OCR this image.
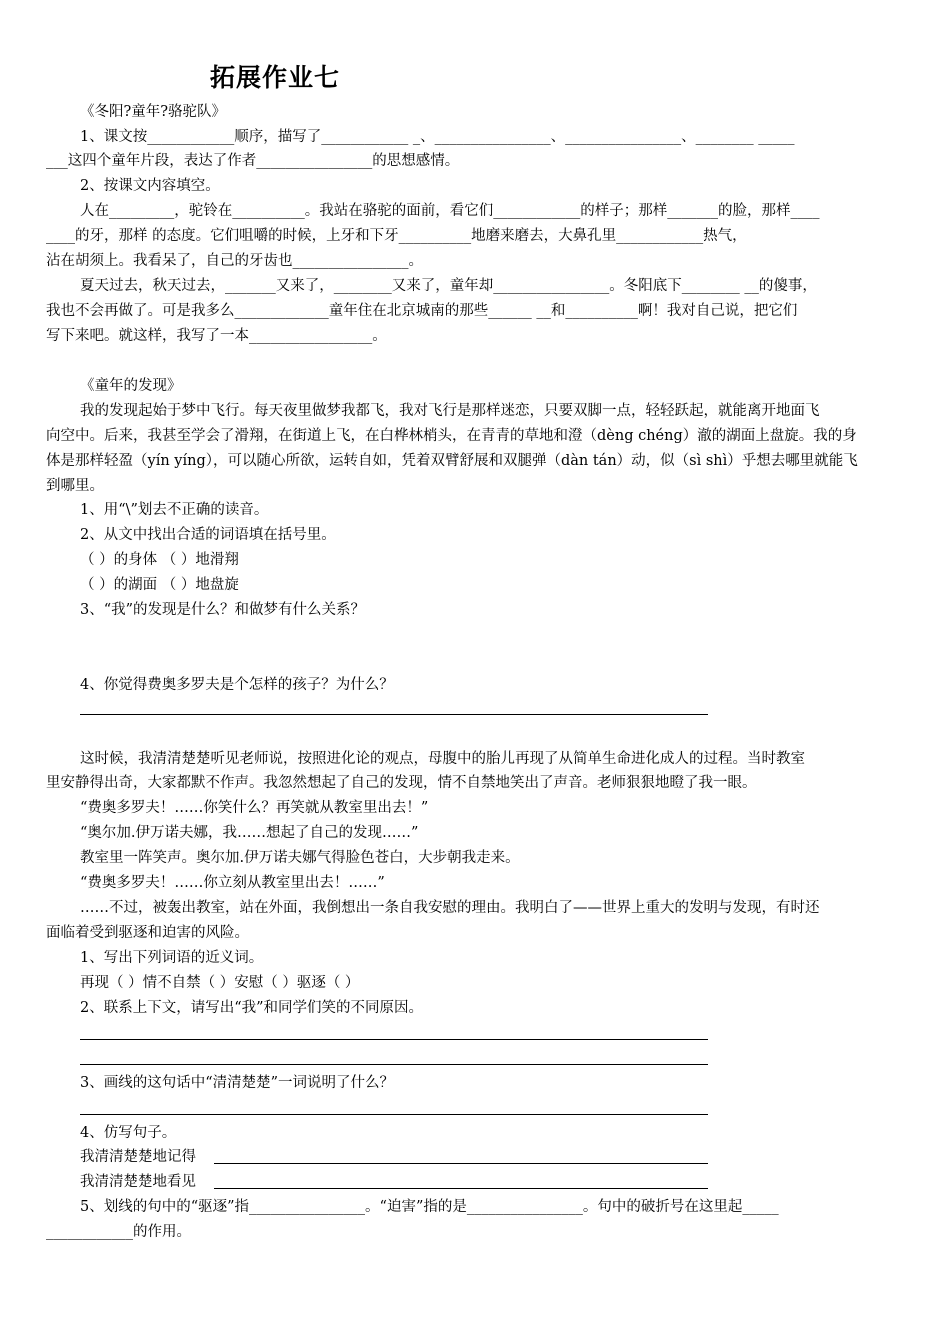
拓展作业七
《冬阳?童年?骆驼队》
1、课文按____________顺序，描写了____________ _、________________、________________、________ _____
___这四个童年片段，表达了作者________________的思想感情。
2、按课文内容填空。
人在_________，驼铃在__________。我站在骆驼的面前，看它们____________的样子；那样_______的脸，那样____
____的牙，那样 的态度。它们咀嚼的时候，上牙和下牙__________地磨来磨去，大鼻孔里____________热气，
沾在胡须上。我看呆了，自己的牙齿也________________。
夏天过去，秋天过去，_______又来了，________又来了，童年却________________。冬阳底下________ __的傻事，
我也不会再做了。可是我多么_____________童年住在北京城南的那些______ __和__________啊！我对自己说，把它们
写下来吧。就这样，我写了一本_________________。
《童年的发现》
我的发现起始于梦中飞行。每天夜里做梦我都飞，我对飞行是那样迷恋，只要双脚一点，轻轻跃起，就能离开地面飞
向空中。后来，我甚至学会了滑翔，在街道上飞，在白桦林梢头，在青青的草地和澄（dèng chéng）澈的湖面上盘旋。我的身
体是那样轻盈（yín yíng），可以随心所欲，运转自如，凭着双臂舒展和双腿弹（dàn tán）动，似（sì shì）乎想去哪里就能飞
到哪里。
1、用“\”划去不正确的读音。
2、从文中找出合适的词语填在括号里。
（ ）的身体 （ ）地滑翔
（ ）的湖面 （ ）地盘旋
3、“我”的发现是什么？和做梦有什么关系？
4、你觉得费奥多罗夫是个怎样的孩子？为什么？
这时候，我清清楚楚听见老师说，按照进化论的观点，母腹中的胎儿再现了从简单生命进化成人的过程。当时教室
里安静得出奇，大家都默不作声。我忽然想起了自己的发现，情不自禁地笑出了声音。老师狠狠地瞪了我一眼。
“费奥多罗夫！……你笑什么？再笑就从教室里出去！”
“奥尔加.伊万诺夫娜，我……想起了自己的发现……”
教室里一阵笑声。奥尔加.伊万诺夫娜气得脸色苍白，大步朝我走来。
“费奥多罗夫！……你立刻从教室里出去！……”
……不过，被轰出教室，站在外面，我倒想出一条自我安慰的理由。我明白了——世界上重大的发明与发现，有时还
面临着受到驱逐和迫害的风险。
1、写出下列词语的近义词。
再现（ ）情不自禁（ ）安慰（ ）驱逐（ ）
2、联系上下文，请写出“我”和同学们笑的不同原因。
3、画线的这句话中“清清楚楚”一词说明了什么？
4、仿写句子。
我清清楚楚地记得
我清清楚楚地看见
5、划线的句中的“驱逐”指________________。“迫害”指的是________________。句中的破折号在这里起_____
____________的作用。
